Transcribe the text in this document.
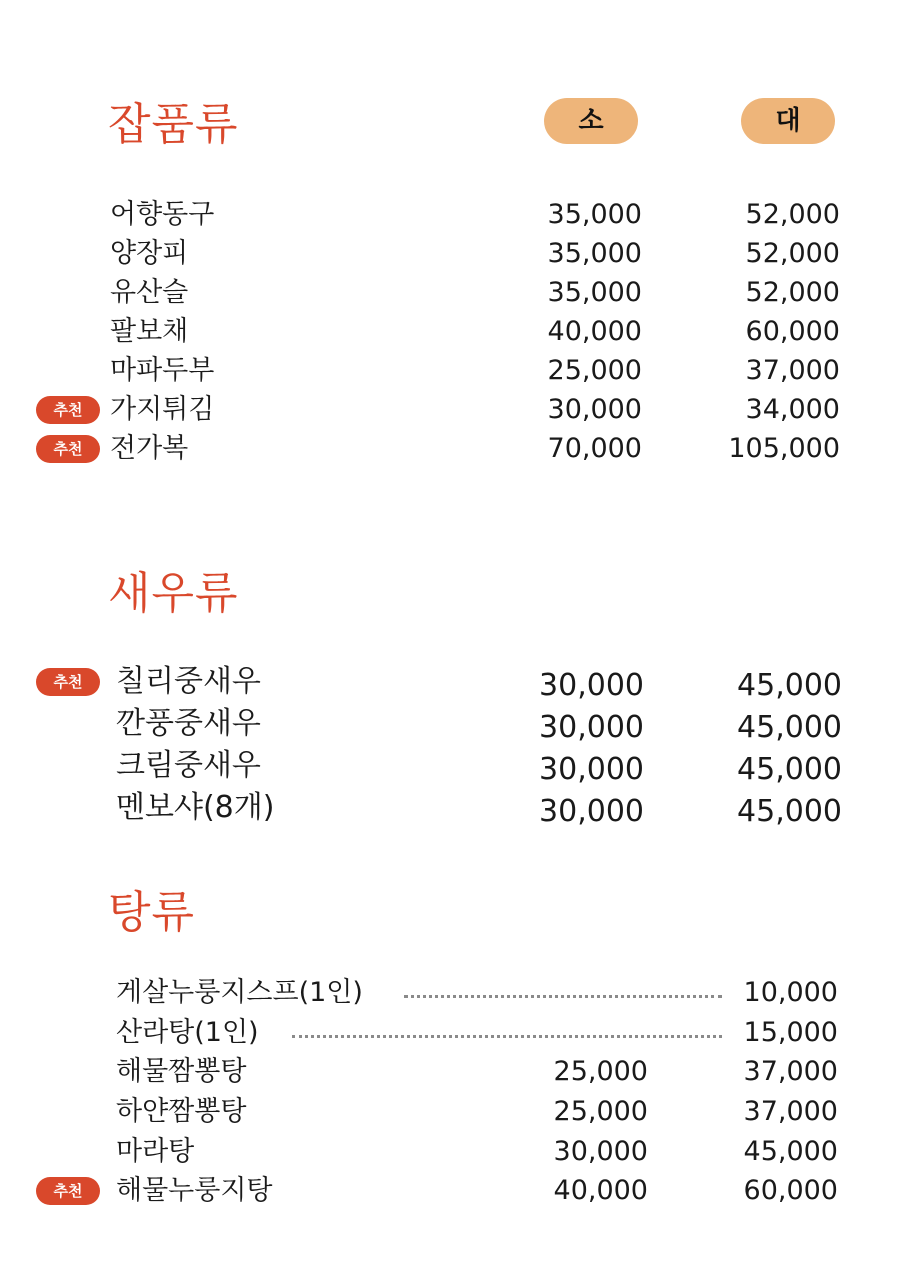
잡품류	소	대
어향동구	35,000	52,000
양장피	35,000	52,000
유산슬	35,000	52,000
팔보채	40,000	60,000
마파두부	25,000	37,000
추천	가지튀김	30,000	34,000
추천	전가복	70,000	105,000
새우류
추천	칠리중새우	30,000	45,000
깐풍중새우	30,000	45,000
크림중새우	30,000	45,000
멘보샤(8개)	30,000	45,000
탕류
게살누룽지스프(1인)	10,000
산라탕(1인)	15,000
해물짬뽕탕	25,000	37,000
하얀짬뽕탕	25,000	37,000
마라탕	30,000	45,000
추천	해물누룽지탕	40,000	60,000
